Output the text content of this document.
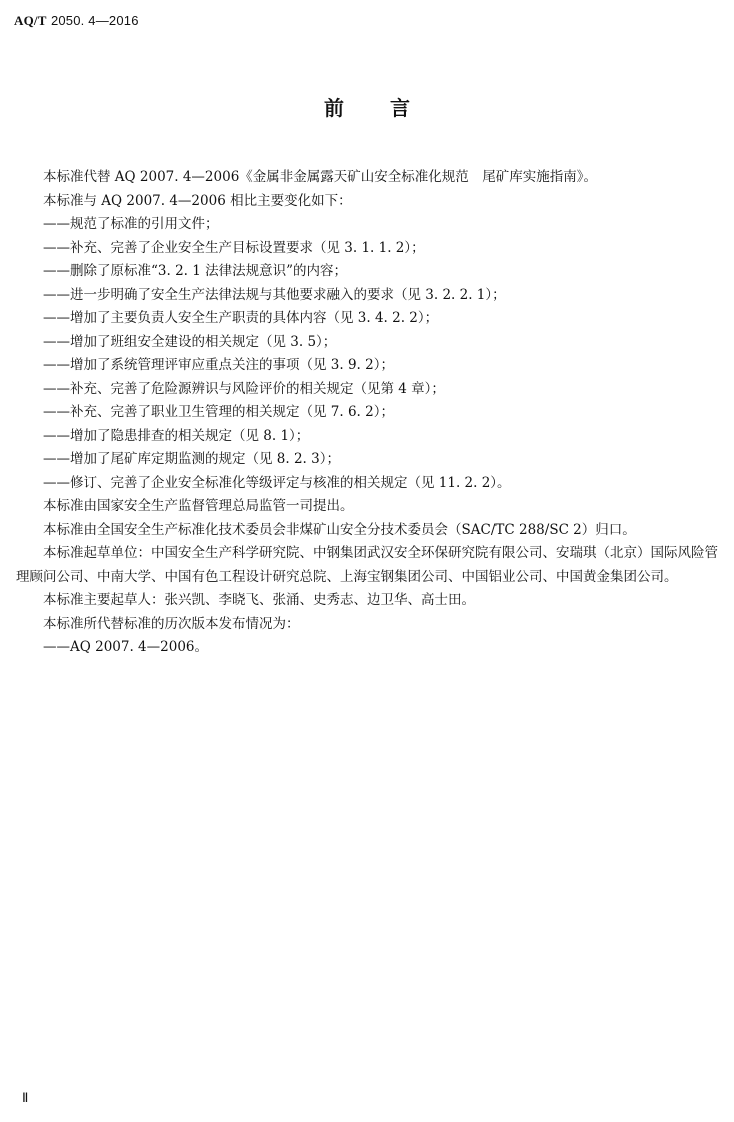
AQ/T 2050. 4—2016
前言

本标准代替 AQ 2007. 4—2006《金属非金属露天矿山安全标准化规范　尾矿库实施指南》。

本标准与 AQ 2007. 4—2006 相比主要变化如下：

——规范了标准的引用文件；

——补充、完善了企业安全生产目标设置要求（见 3. 1. 1. 2）；

——删除了原标准“3. 2. 1 法律法规意识”的内容；

——进一步明确了安全生产法律法规与其他要求融入的要求（见 3. 2. 2. 1）；

——增加了主要负责人安全生产职责的具体内容（见 3. 4. 2. 2）；

——增加了班组安全建设的相关规定（见 3. 5）；

——增加了系统管理评审应重点关注的事项（见 3. 9. 2）；

——补充、完善了危险源辨识与风险评价的相关规定（见第 4 章）；

——补充、完善了职业卫生管理的相关规定（见 7. 6. 2）；

——增加了隐患排查的相关规定（见 8. 1）；

——增加了尾矿库定期监测的规定（见 8. 2. 3）；

——修订、完善了企业安全标准化等级评定与核准的相关规定（见 11. 2. 2）。

本标准由国家安全生产监督管理总局监管一司提出。

本标准由全国安全生产标准化技术委员会非煤矿山安全分技术委员会（SAC/TC 288/SC 2）归口。

本标准起草单位：中国安全生产科学研究院、中钢集团武汉安全环保研究院有限公司、安瑞琪（北京）国际风险管理顾问公司、中南大学、中国有色工程设计研究总院、上海宝钢集团公司、中国铝业公司、中国黄金集团公司。

本标准主要起草人：张兴凯、李晓飞、张涌、史秀志、边卫华、高士田。

本标准所代替标准的历次版本发布情况为：

——AQ 2007. 4—2006。

Ⅱ
